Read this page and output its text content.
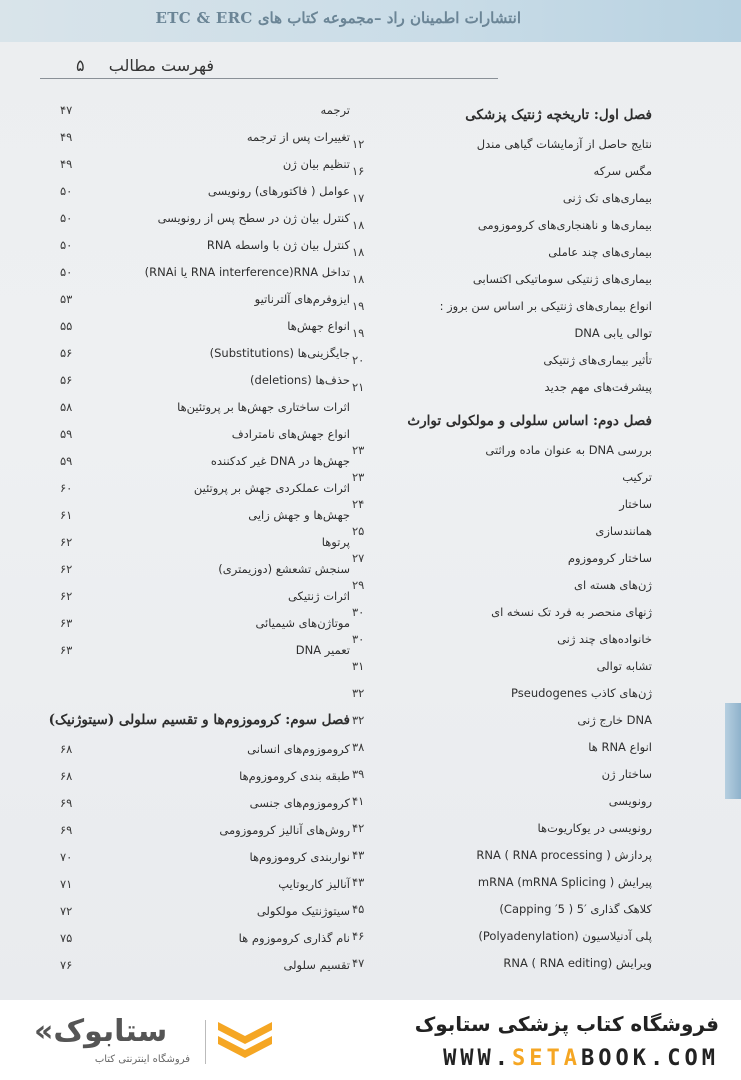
انتشارات اطمینان راد –مجموعه کتاب های ETC & ERC
فهرست مطالب
۵
فصل اول: تاریخچه ژنتیک پزشکی
نتایج حاصل از آزمایشات گیاهی مندل
۱۲
مگس سرکه
۱۶
بیماری‌های تک ژنی
۱۷
بیماری‌ها و ناهنجاری‌های کروموزومی
۱۸
بیماری‌های چند عاملی
۱۸
بیماری‌های ژنتیکی سوماتیکی اکتسابی
۱۸
انواع بیماری‌های ژنتیکی بر اساس سن بروز :
۱۹
توالی یابی DNA
۱۹
تأثیر بیماری‌های ژنتیکی
۲۰
پیشرفت‌های مهم جدید
۲۱
فصل دوم: اساس سلولی و مولکولی توارث
بررسی DNA به عنوان ماده وراثتی
۲۳
ترکیب
۲۳
ساختار
۲۴
همانندسازی
۲۵
ساختار کروموزوم
۲۷
ژن‌های هسته ای
۲۹
ژنهای منحصر به فرد تک نسخه ای
۳۰
خانواده‌های چند ژنی
۳۰
تشابه توالی
۳۱
ژن‌های کاذب Pseudogenes
۳۲
DNA خارج ژنی
۳۲
انواع RNA ها
۳۸
ساختار ژن
۳۹
رونویسی
۴۱
رونویسی در یوکاریوت‌ها
۴۲
پردازش ( RNA processing ) RNA
۴۳
پیرایش ( mRNA (mRNA Splicing
۴۳
کلاهک گذاری ′5 ( Capping ′5)
۴۵
پلی آدنیلاسیون (Polyadenylation)
۴۶
ویرایش (RNA editing ) RNA
۴۷
ترجمه
۴۷
تغییرات پس از ترجمه
۴۹
تنظیم بیان ژن
۴۹
عوامل ( فاکتورهای) رونویسی
۵۰
کنترل بیان ژن در سطح پس از رونویسی
۵۰
کنترل بیان ژن با واسطه RNA
۵۰
تداخل RNA(RNA interference یا RNAi)
۵۰
ایزوفرم‌های آلترناتیو
۵۳
انواع جهش‌ها
۵۵
جایگزینی‌ها (Substitutions)
۵۶
حذف‌ها (deletions)
۵۶
اثرات ساختاری جهش‌ها بر پروتئین‌ها
۵۸
انواع جهش‌های نامترادف
۵۹
جهش‌ها در DNA غیر کدکننده
۵۹
اثرات عملکردی جهش بر پروتئین
۶۰
جهش‌ها و جهش زایی
۶۱
پرتوها
۶۲
سنجش تشعشع (دوزیمتری)
۶۲
اثرات ژنتیکی
۶۲
موتاژن‌های شیمیائی
۶۳
تعمیر DNA
۶۳
فصل سوم: کروموزوم‌ها و تقسیم سلولی (سیتوژنیک)
کروموزوم‌های انسانی
۶۸
طبقه بندی کروموزوم‌ها
۶۸
کروموزوم‌های جنسی
۶۹
روش‌های آنالیز کروموزومی
۶۹
نواربندی کروموزوم‌ها
۷۰
آنالیز کاریوتایپ
۷۱
سیتوژنتیک مولکولی
۷۲
نام گذاری کروموزوم ها
۷۵
تقسیم سلولی
۷۶
«ستابوک
فروشگاه اینترنتی کتاب
فروشگاه کتاب پزشکی ستابوک
WWW.SETABOOK.COM
